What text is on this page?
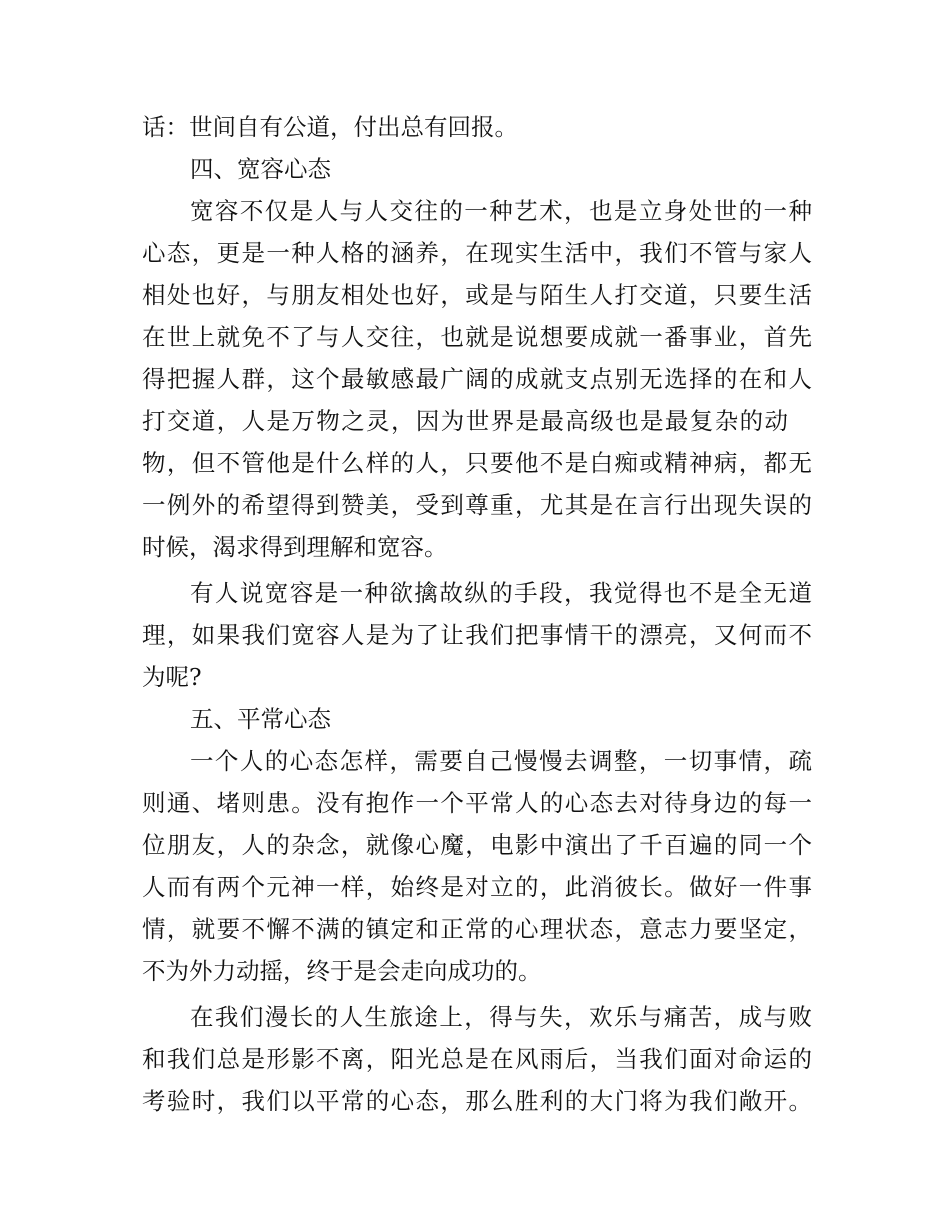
话：世间自有公道，付出总有回报。
四、宽容心态
宽容不仅是人与人交往的一种艺术，也是立身处世的一种
心态，更是一种人格的涵养，在现实生活中，我们不管与家人
相处也好，与朋友相处也好，或是与陌生人打交道，只要生活
在世上就免不了与人交往，也就是说想要成就一番事业，首先
得把握人群，这个最敏感最广阔的成就支点别无选择的在和人
打交道，人是万物之灵，因为世界是最高级也是最复杂的动
物，但不管他是什么样的人，只要他不是白痴或精神病，都无
一例外的希望得到赞美，受到尊重，尤其是在言行出现失误的
时候，渴求得到理解和宽容。
有人说宽容是一种欲擒故纵的手段，我觉得也不是全无道
理，如果我们宽容人是为了让我们把事情干的漂亮，又何而不
为呢?
五、平常心态
一个人的心态怎样，需要自己慢慢去调整，一切事情，疏
则通、堵则患。没有抱作一个平常人的心态去对待身边的每一
位朋友，人的杂念，就像心魔，电影中演出了千百遍的同一个
人而有两个元神一样，始终是对立的，此消彼长。做好一件事
情，就要不懈不满的镇定和正常的心理状态，意志力要坚定，
不为外力动摇，终于是会走向成功的。
在我们漫长的人生旅途上，得与失，欢乐与痛苦，成与败
和我们总是形影不离，阳光总是在风雨后，当我们面对命运的
考验时，我们以平常的心态，那么胜利的大门将为我们敞开。
